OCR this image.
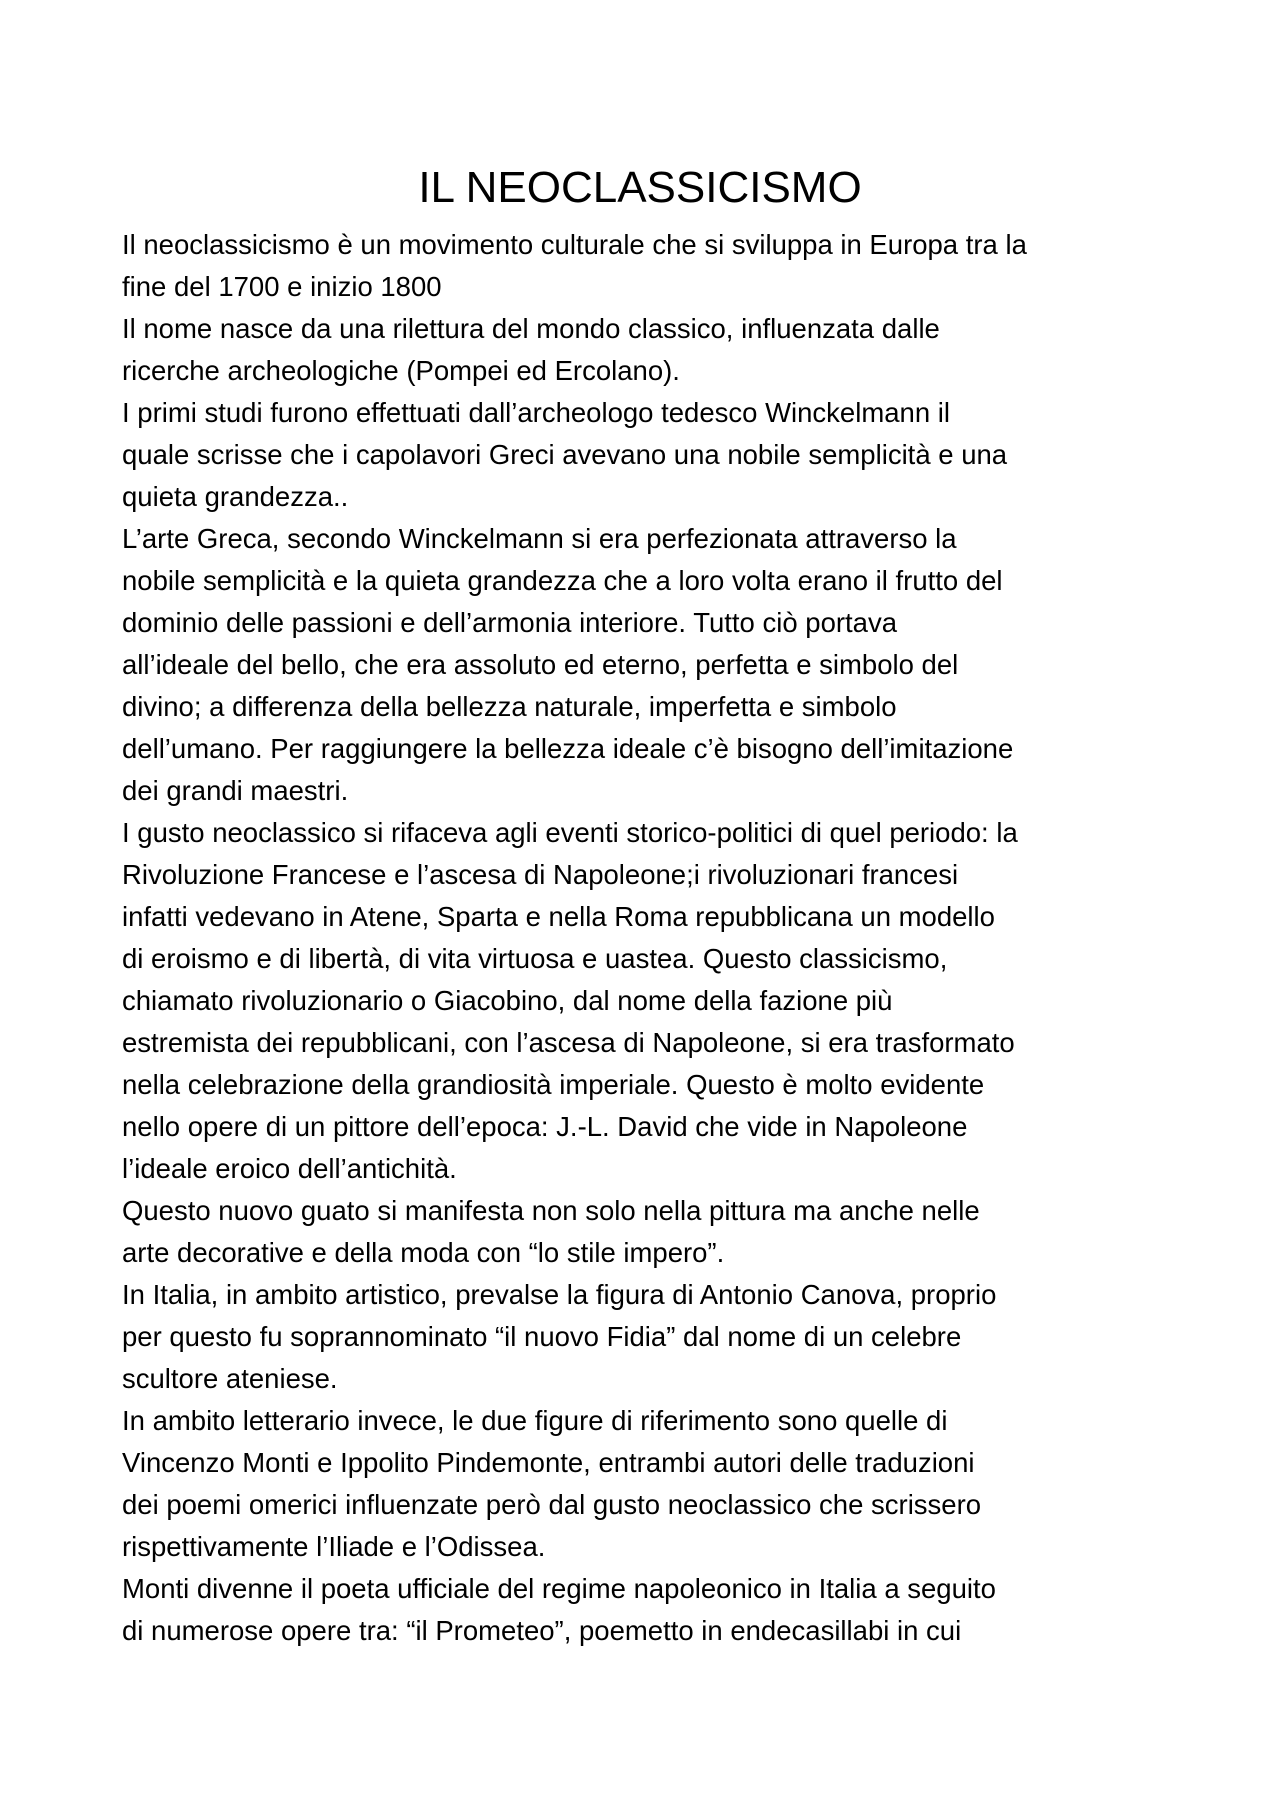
IL NEOCLASSICISMO
Il neoclassicismo è un movimento culturale che si sviluppa in Europa tra la
fine del 1700 e inizio 1800
Il nome nasce da una rilettura del mondo classico, influenzata dalle
ricerche archeologiche (Pompei ed Ercolano).
I primi studi furono effettuati dall’archeologo tedesco Winckelmann il
quale scrisse che i capolavori Greci avevano una nobile semplicità e una
quieta grandezza..
L’arte Greca, secondo Winckelmann si era perfezionata attraverso la
nobile semplicità e la quieta grandezza che a loro volta erano il frutto del
dominio delle passioni e dell’armonia interiore. Tutto ciò portava
all’ideale del bello, che era assoluto ed eterno, perfetta e simbolo del
divino; a differenza della bellezza naturale, imperfetta e simbolo
dell’umano. Per raggiungere la bellezza ideale c’è bisogno dell’imitazione
dei grandi maestri.
I gusto neoclassico si rifaceva agli eventi storico-politici di quel periodo: la
Rivoluzione Francese e l’ascesa di Napoleone;i rivoluzionari francesi
infatti vedevano in Atene, Sparta e nella Roma repubblicana un modello
di eroismo e di libertà, di vita virtuosa e uastea. Questo classicismo,
chiamato rivoluzionario o Giacobino, dal nome della fazione più
estremista dei repubblicani, con l’ascesa di Napoleone, si era trasformato
nella celebrazione della grandiosità imperiale. Questo è molto evidente
nello opere di un pittore dell’epoca: J.-L. David che vide in Napoleone
l’ideale eroico dell’antichità.
Questo nuovo guato si manifesta non solo nella pittura ma anche nelle
arte decorative e della moda con “lo stile impero”.
In Italia, in ambito artistico, prevalse la figura di Antonio Canova, proprio
per questo fu soprannominato “il nuovo Fidia” dal nome di un celebre
scultore ateniese.
In ambito letterario invece, le due figure di riferimento sono quelle di
Vincenzo Monti e Ippolito Pindemonte, entrambi autori delle traduzioni
dei poemi omerici influenzate però dal gusto neoclassico che scrissero
rispettivamente l’Iliade e l’Odissea.
Monti divenne il poeta ufficiale del regime napoleonico in Italia a seguito
di numerose opere tra: “il Prometeo”, poemetto in endecasillabi in cui
